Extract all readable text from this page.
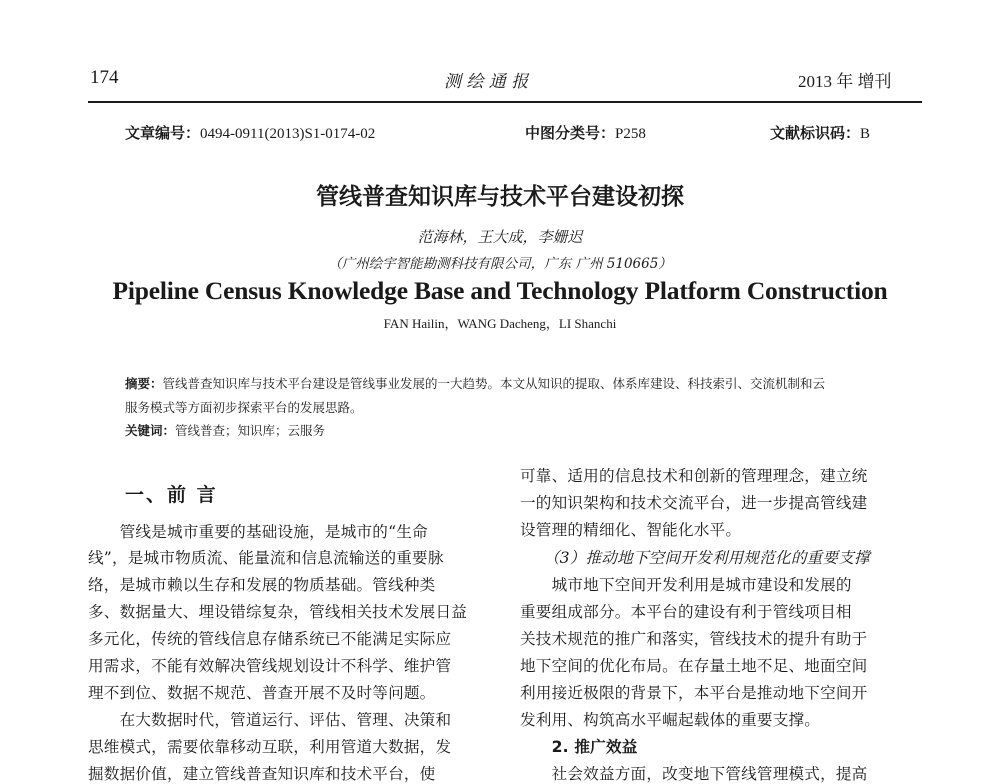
174	测 绘 通 报	2013 年 增刊
文章编号：0494-0911(2013)S1-0174-02	中图分类号：P258	文献标识码：B
管线普查知识库与技术平台建设初探
范海林，王大成，李姗迟
（广州绘宇智能勘测科技有限公司，广东 广州 510665）
Pipeline Census Knowledge Base and Technology Platform Construction
FAN Hailin，WANG Dacheng，LI Shanchi
摘要：管线普查知识库与技术平台建设是管线事业发展的一大趋势。本文从知识的提取、体系库建设、科技索引、交流机制和云
服务模式等方面初步探索平台的发展思路。
关键词：管线普查；知识库；云服务
一、前 言
　　管线是城市重要的基础设施，是城市的“生命
线”，是城市物质流、能量流和信息流输送的重要脉
络，是城市赖以生存和发展的物质基础。管线种类
多、数据量大、埋设错综复杂，管线相关技术发展日益
多元化，传统的管线信息存储系统已不能满足实际应
用需求，不能有效解决管线规划设计不科学、维护管
理不到位、数据不规范、普查开展不及时等问题。
　　在大数据时代，管道运行、评估、管理、决策和
思维模式，需要依靠移动互联，利用管道大数据，发
掘数据价值，建立管线普查知识库和技术平台，使
可靠、适用的信息技术和创新的管理理念，建立统
一的知识架构和技术交流平台，进一步提高管线建
设管理的精细化、智能化水平。
　　（3）推动地下空间开发利用规范化的重要支撑
　　城市地下空间开发利用是城市建设和发展的
重要组成部分。本平台的建设有利于管线项目相
关技术规范的推广和落实，管线技术的提升有助于
地下空间的优化布局。在存量土地不足、地面空间
利用接近极限的背景下，本平台是推动地下空间开
发利用、构筑高水平崛起载体的重要支撑。
　　2. 推广效益
　　社会效益方面，改变地下管线管理模式，提高
